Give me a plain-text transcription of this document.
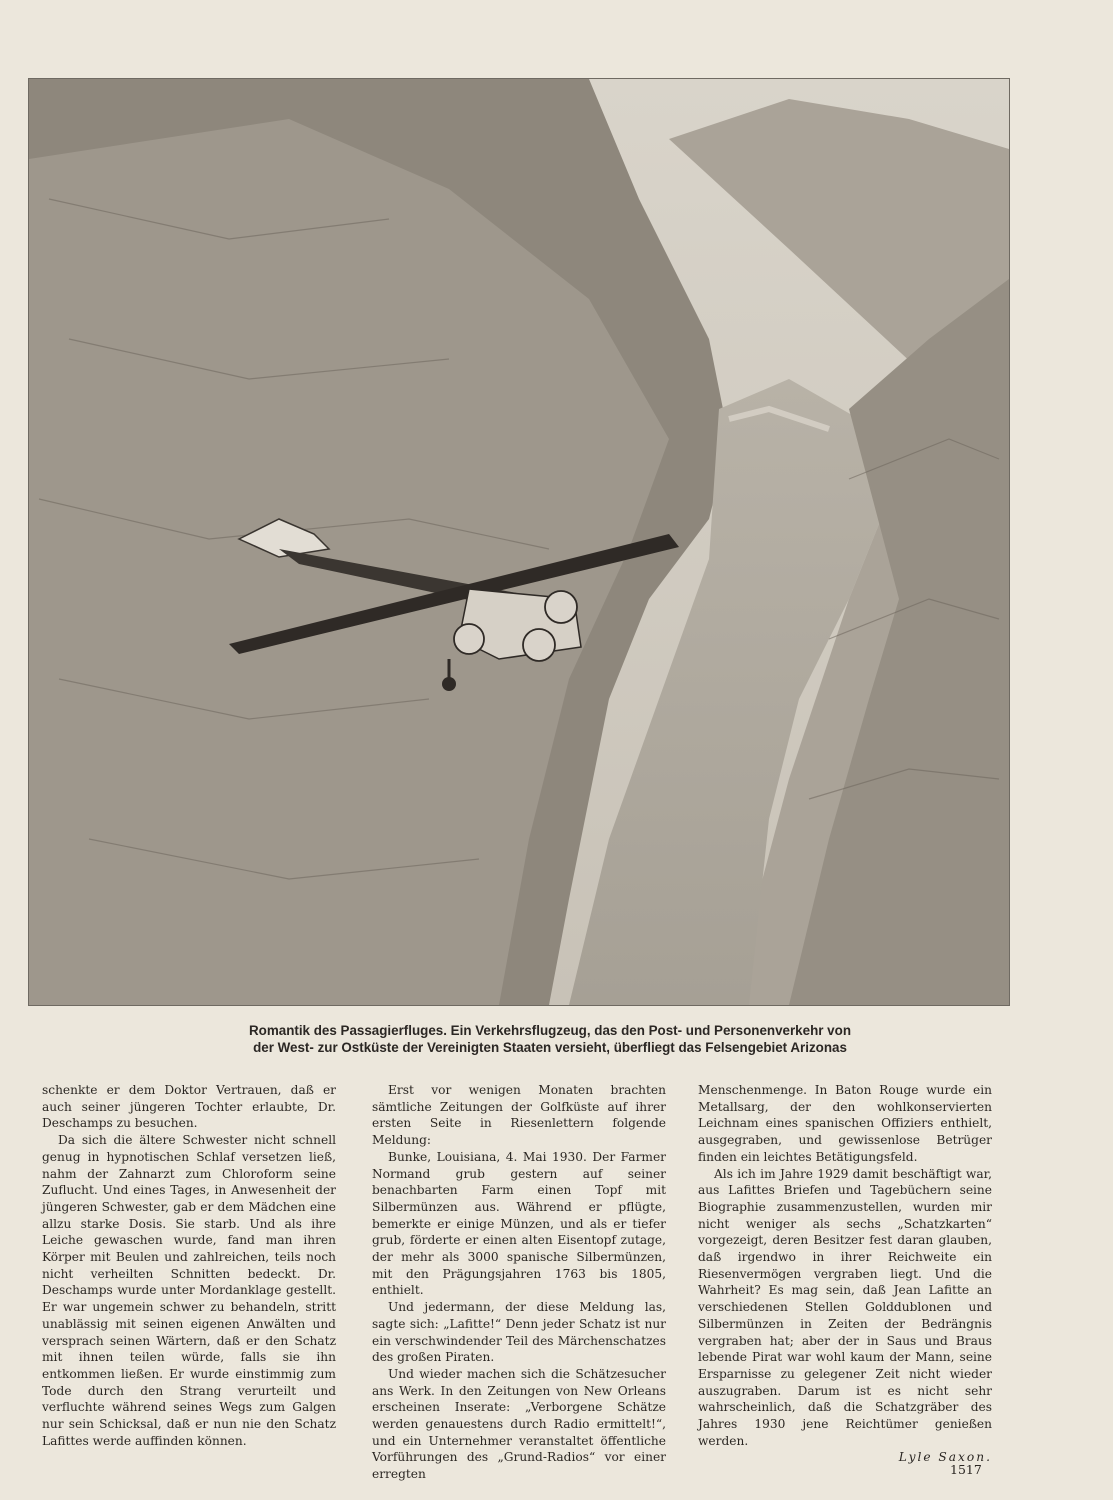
Romantik des Passagierfluges. Ein Verkehrsflugzeug, das den Post- und Personenverkehr von
der West- zur Ostküste der Vereinigten Staaten versieht, überfliegt das Felsengebiet Arizonas

schenkte er dem Doktor Vertrauen, daß er auch seiner jüngeren Tochter erlaubte, Dr. Deschamps zu besuchen.

Da sich die ältere Schwester nicht schnell genug in hypnotischen Schlaf versetzen ließ, nahm der Zahnarzt zum Chloroform seine Zuflucht. Und eines Tages, in Anwesenheit der jüngeren Schwester, gab er dem Mädchen eine allzu starke Dosis. Sie starb. Und als ihre Leiche gewaschen wurde, fand man ihren Körper mit Beulen und zahlreichen, teils noch nicht verheilten Schnitten bedeckt. Dr. Deschamps wurde unter Mordanklage gestellt. Er war ungemein schwer zu behandeln, stritt unablässig mit seinen eigenen Anwälten und versprach seinen Wärtern, daß er den Schatz mit ihnen teilen würde, falls sie ihn entkommen ließen. Er wurde einstimmig zum Tode durch den Strang verurteilt und verfluchte während seines Wegs zum Galgen nur sein Schicksal, daß er nun nie den Schatz Lafittes werde auffinden können.

Erst vor wenigen Monaten brachten sämtliche Zeitungen der Golfküste auf ihrer ersten Seite in Riesenlettern folgende Meldung:

Bunke, Louisiana, 4. Mai 1930. Der Farmer Normand grub gestern auf seiner benachbarten Farm einen Topf mit Silbermünzen aus. Während er pflügte, bemerkte er einige Münzen, und als er tiefer grub, förderte er einen alten Eisentopf zutage, der mehr als 3000 spanische Silbermünzen, mit den Prägungsjahren 1763 bis 1805, enthielt.

Und jedermann, der diese Meldung las, sagte sich: „Lafitte!“ Denn jeder Schatz ist nur ein verschwindender Teil des Märchenschatzes des großen Piraten.

Und wieder machen sich die Schätzesucher ans Werk. In den Zeitungen von New Orleans erscheinen Inserate: „Verborgene Schätze werden genauestens durch Radio ermittelt!“, und ein Unternehmer veranstaltet öffentliche Vorführungen des „Grund-Radios“ vor einer erregten

Menschenmenge. In Baton Rouge wurde ein Metallsarg, der den wohlkonservierten Leichnam eines spanischen Offiziers enthielt, ausgegraben, und gewissenlose Betrüger finden ein leichtes Betätigungsfeld.

Als ich im Jahre 1929 damit beschäftigt war, aus Lafittes Briefen und Tagebüchern seine Biographie zusammenzustellen, wurden mir nicht weniger als sechs „Schatzkarten“ vorgezeigt, deren Besitzer fest daran glauben, daß irgendwo in ihrer Reichweite ein Riesenvermögen vergraben liegt. Und die Wahrheit? Es mag sein, daß Jean Lafitte an verschiedenen Stellen Golddublonen und Silbermünzen in Zeiten der Bedrängnis vergraben hat; aber der in Saus und Braus lebende Pirat war wohl kaum der Mann, seine Ersparnisse zu gelegener Zeit nicht wieder auszugraben. Darum ist es nicht sehr wahrscheinlich, daß die Schatzgräber des Jahres 1930 jene Reichtümer genießen werden.

Lyle Saxon.

1517
